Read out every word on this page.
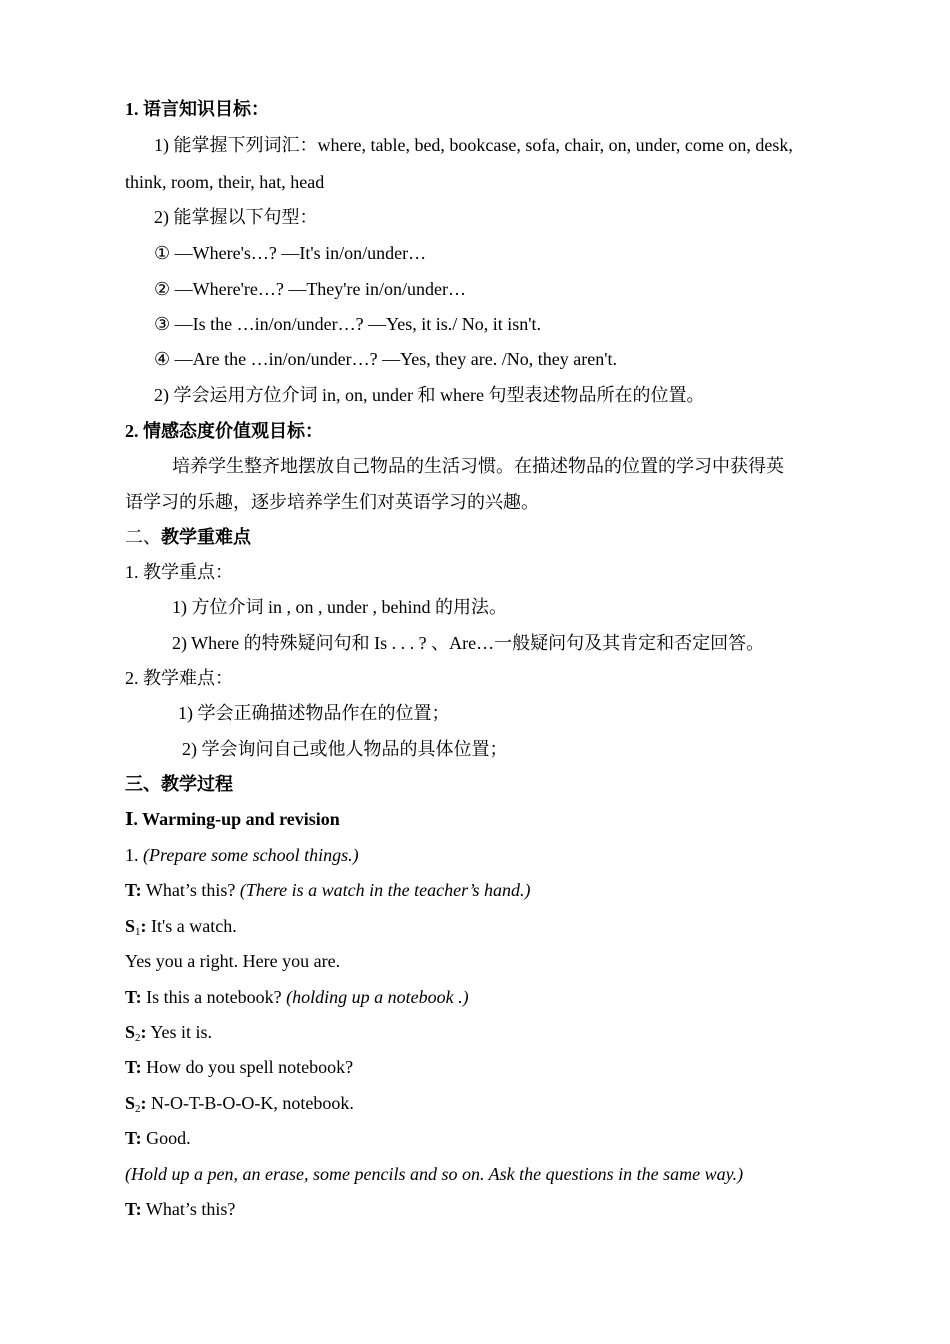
1. 语言知识目标：
1) 能掌握下列词汇：where, table, bed, bookcase, sofa, chair, on, under, come on, desk,
think, room, their, hat, head
2) 能掌握以下句型：
① —Where's…? —It's in/on/under…
② —Where're…? —They're in/on/under…
③ —Is the …in/on/under…? —Yes, it is./ No, it isn't.
④ —Are the …in/on/under…? —Yes, they are. /No, they aren't.
2) 学会运用方位介词 in, on, under 和 where 句型表述物品所在的位置。
2. 情感态度价值观目标：
培养学生整齐地摆放自己物品的生活习惯。在描述物品的位置的学习中获得英
语学习的乐趣，逐步培养学生们对英语学习的兴趣。
二、教学重难点
1. 教学重点：
1) 方位介词 in , on , under , behind 的用法。
2) Where 的特殊疑问句和 Is . . . ? 、Are…一般疑问句及其肯定和否定回答。
2. 教学难点：
1) 学会正确描述物品作在的位置；
2) 学会询问自己或他人物品的具体位置；
三、教学过程
Ⅰ. Warming-up and revision
1. (Prepare some school things.)
T: What’s this? (There is a watch in the teacher’s hand.)
$S_1$: It's a watch.
Yes you a right. Here you are.
T: Is this a notebook? (holding up a notebook .)
$S_2$: Yes it is.
T: How do you spell notebook?
$S_2$: N-O-T-B-O-O-K, notebook.
T: Good.
(Hold up a pen, an erase, some pencils and so on. Ask the questions in the same way.)
T: What’s this?
